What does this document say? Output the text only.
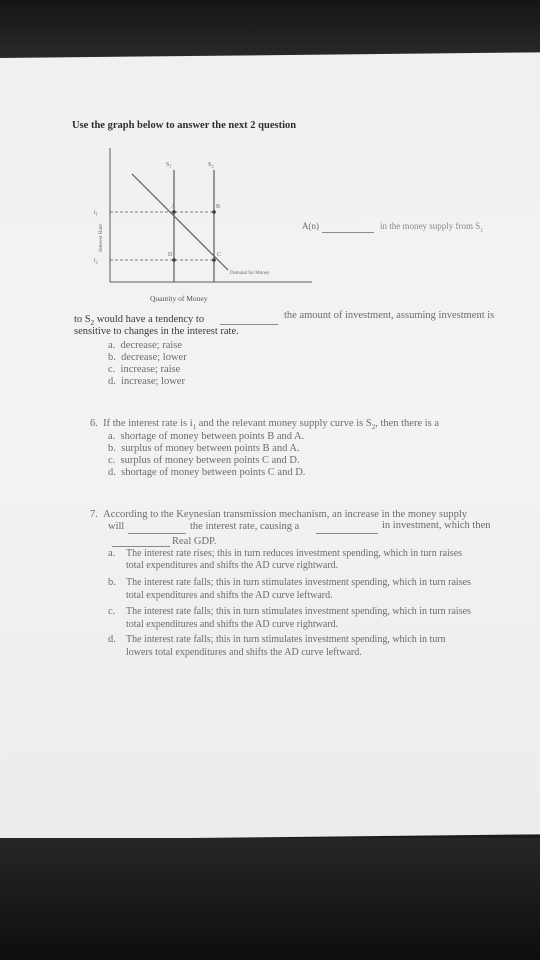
Use the graph below to answer the next 2 question
$S_1$	$S_2$
$i_1$
$i_2$
A	B
C
D
Demand for Money
Interest Rate
Quantity of Money
A(n)	in the money supply from $S_1$
to $S_2$ would have a tendency to	the amount of investment, assuming investment is
sensitive to changes in the interest rate.
a. decrease; raise
b. decrease; lower
c. increase; raise
d. increase; lower
6. If the interest rate is $i_1$ and the relevant money supply curve is $S_2$, then there is a
a. shortage of money between points B and A.
b. surplus of money between points B and A.
c. surplus of money between points C and D.
d. shortage of money between points C and D.
7. According to the Keynesian transmission mechanism, an increase in the money supply
will	the interest rate, causing a	in investment, which then
Real GDP.
a. The interest rate rises; this in turn reduces investment spending, which in turn raises
total expenditures and shifts the AD curve rightward.
b. The interest rate falls; this in turn stimulates investment spending, which in turn raises
total expenditures and shifts the AD curve leftward.
c. The interest rate falls; this in turn stimulates investment spending, which in turn raises
total expenditures and shifts the AD curve rightward.
d. The interest rate falls; this in turn stimulates investment spending, which in turn
lowers total expenditures and shifts the AD curve leftward.
